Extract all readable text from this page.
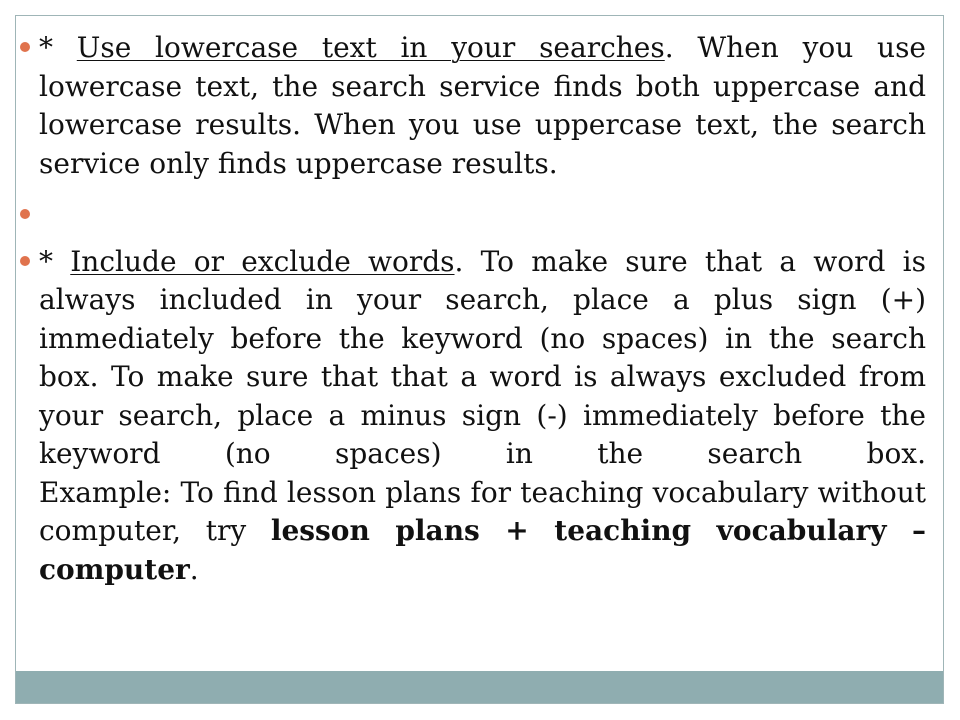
* Use lowercase text in your searches. When you use lowercase text, the search service finds both uppercase and lowercase results. When you use uppercase text, the search service only finds uppercase results.
* Include or exclude words. To make sure that a word is always included in your search, place a plus sign (+) immediately before the keyword (no spaces) in the search box. To make sure that that a word is always excluded from your search, place a minus sign (-) immediately before the keyword (no spaces) in the search box.
Example: To find lesson plans for teaching vocabulary without computer, try lesson plans + teaching vocabulary – computer.
